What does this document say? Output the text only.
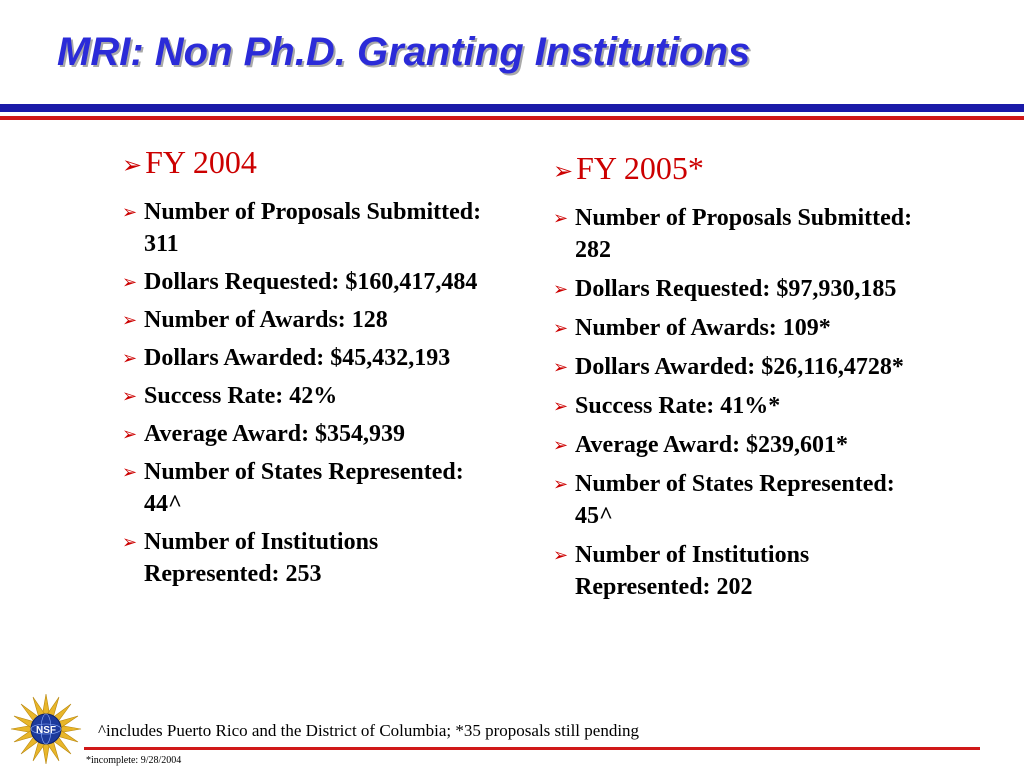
MRI: Non Ph.D. Granting Institutions
➢ FY 2004
➢ Number of Proposals Submitted: 311
➢ Dollars Requested: $160,417,484
➢ Number of Awards: 128
➢ Dollars Awarded: $45,432,193
➢ Success Rate: 42%
➢ Average Award: $354,939
➢ Number of States Represented: 44^
➢ Number of Institutions Represented: 253
➢ FY 2005*
➢ Number of Proposals Submitted: 282
➢ Dollars Requested: $97,930,185
➢ Number of Awards: 109*
➢ Dollars Awarded: $26,116,4728*
➢ Success Rate: 41%*
➢ Average Award: $239,601*
➢ Number of States Represented: 45^
➢ Number of Institutions Represented: 202
NSF ^includes Puerto Rico and the District of Columbia; *35 proposals still pending
*incomplete: 9/28/2004
